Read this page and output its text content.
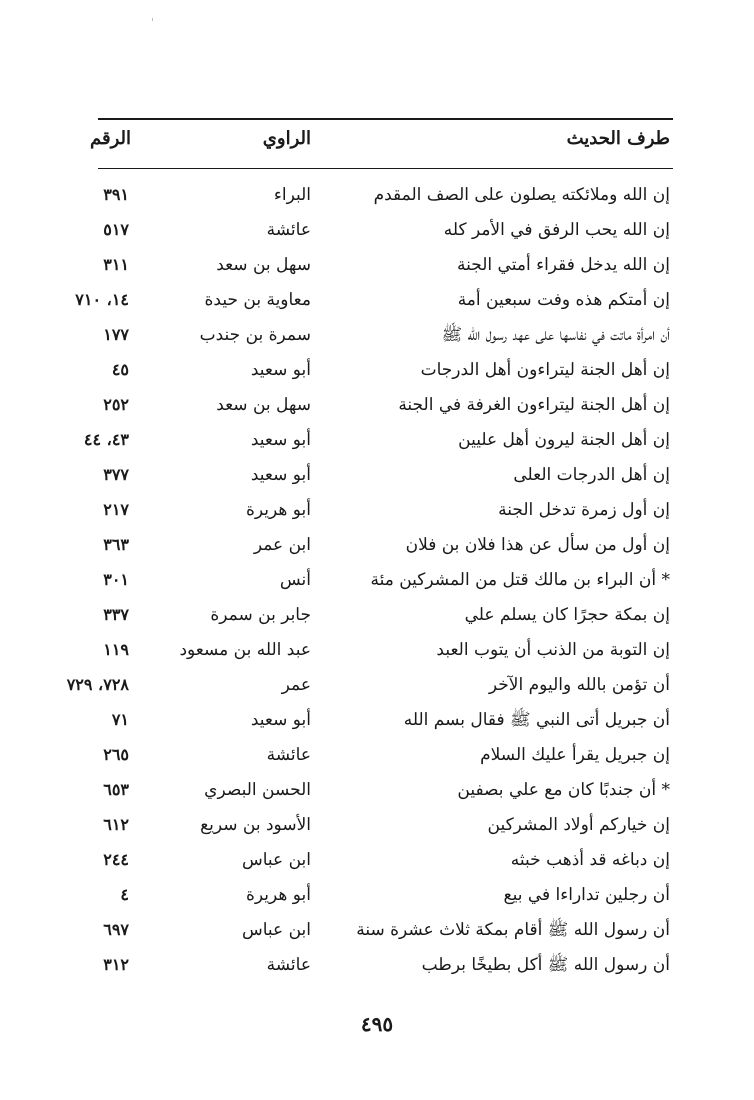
طرف الحديث
الراوي
الرقم
إن الله وملائكته يصلون على الصف المقدم
البراء
٣٩١
إن الله يحب الرفق في الأمر كله
عائشة
٥١٧
إن الله يدخل فقراء أمتي الجنة
سهل بن سعد
٣١١
إن أمتكم هذه وفت سبعين أمة
معاوية بن حيدة
١٤، ٧١٠
أن امرأة ماتت في نفاسها على عهد رسول الله ﷺ
سمرة بن جندب
١٧٧
إن أهل الجنة ليتراءون أهل الدرجات
أبو سعيد
٤٥
إن أهل الجنة ليتراءون الغرفة في الجنة
سهل بن سعد
٢٥٢
إن أهل الجنة ليرون أهل عليين
أبو سعيد
٤٣، ٤٤
إن أهل الدرجات العلى
أبو سعيد
٣٧٧
إن أول زمرة تدخل الجنة
أبو هريرة
٢١٧
إن أول من سأل عن هذا فلان بن فلان
ابن عمر
٣٦٣
* أن البراء بن مالك قتل من المشركين مئة
أنس
٣٠١
إن بمكة حجرًا كان يسلم علي
جابر بن سمرة
٣٣٧
إن التوبة من الذنب أن يتوب العبد
عبد الله بن مسعود
١١٩
أن تؤمن بالله واليوم الآخر
عمر
٧٢٨، ٧٢٩
أن جبريل أتى النبي ﷺ فقال بسم الله
أبو سعيد
٧١
إن جبريل يقرأ عليك السلام
عائشة
٢٦٥
* أن جندبًا كان مع علي بصفين
الحسن البصري
٦٥٣
إن خياركم أولاد المشركين
الأسود بن سريع
٦١٢
إن دباغه قد أذهب خبثه
ابن عباس
٢٤٤
أن رجلين تداراءا في بيع
أبو هريرة
٤
أن رسول الله ﷺ أقام بمكة ثلاث عشرة سنة
ابن عباس
٦٩٧
أن رسول الله ﷺ أكل بطيخًا برطب
عائشة
٣١٢
٤٩٥
